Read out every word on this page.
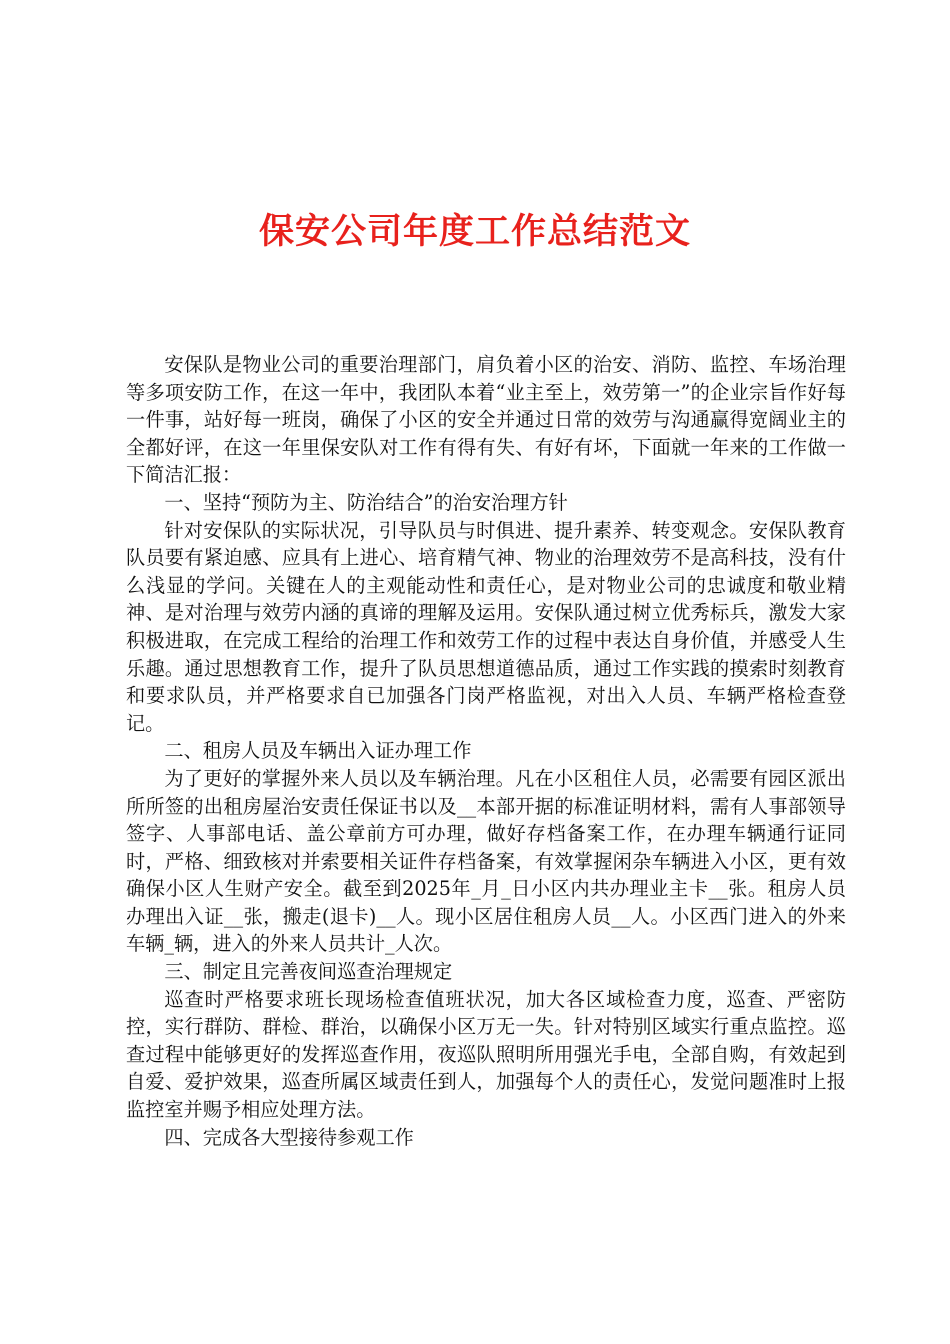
保安公司年度工作总结范文

安保队是物业公司的重要治理部门，肩负着小区的治安、消防、监控、车场治理等多项安防工作，在这一年中，我团队本着“业主至上，效劳第一”的企业宗旨作好每一件事，站好每一班岗，确保了小区的安全并通过日常的效劳与沟通赢得宽阔业主的全都好评，在这一年里保安队对工作有得有失、有好有坏，下面就一年来的工作做一下简洁汇报：

一、坚持“预防为主、防治结合”的治安治理方针

针对安保队的实际状况，引导队员与时俱进、提升素养、转变观念。安保队教育队员要有紧迫感、应具有上进心、培育精气神、物业的治理效劳不是高科技，没有什么浅显的学问。关键在人的主观能动性和责任心，是对物业公司的忠诚度和敬业精神、是对治理与效劳内涵的真谛的理解及运用。安保队通过树立优秀标兵，激发大家积极进取，在完成工程给的治理工作和效劳工作的过程中表达自身价值，并感受人生乐趣。通过思想教育工作，提升了队员思想道德品质，通过工作实践的摸索时刻教育和要求队员，并严格要求自已加强各门岗严格监视，对出入人员、车辆严格检查登记。

二、租房人员及车辆出入证办理工作

为了更好的掌握外来人员以及车辆治理。凡在小区租住人员，必需要有园区派出所所签的出租房屋治安责任保证书以及__本部开据的标准证明材料，需有人事部领导签字、人事部电话、盖公章前方可办理，做好存档备案工作，在办理车辆通行证同时，严格、细致核对并索要相关证件存档备案，有效掌握闲杂车辆进入小区，更有效确保小区人生财产安全。截至到2025年_月_日小区内共办理业主卡__张。租房人员办理出入证__张，搬走(退卡)__人。现小区居住租房人员__人。小区西门进入的外来车辆_辆，进入的外来人员共计_人次。

三、制定且完善夜间巡查治理规定

巡查时严格要求班长现场检查值班状况，加大各区域检查力度，巡查、严密防控，实行群防、群检、群治，以确保小区万无一失。针对特别区域实行重点监控。巡查过程中能够更好的发挥巡查作用，夜巡队照明所用强光手电，全部自购，有效起到自爱、爱护效果，巡查所属区域责任到人，加强每个人的责任心，发觉问题准时上报监控室并赐予相应处理方法。

四、完成各大型接待参观工作
